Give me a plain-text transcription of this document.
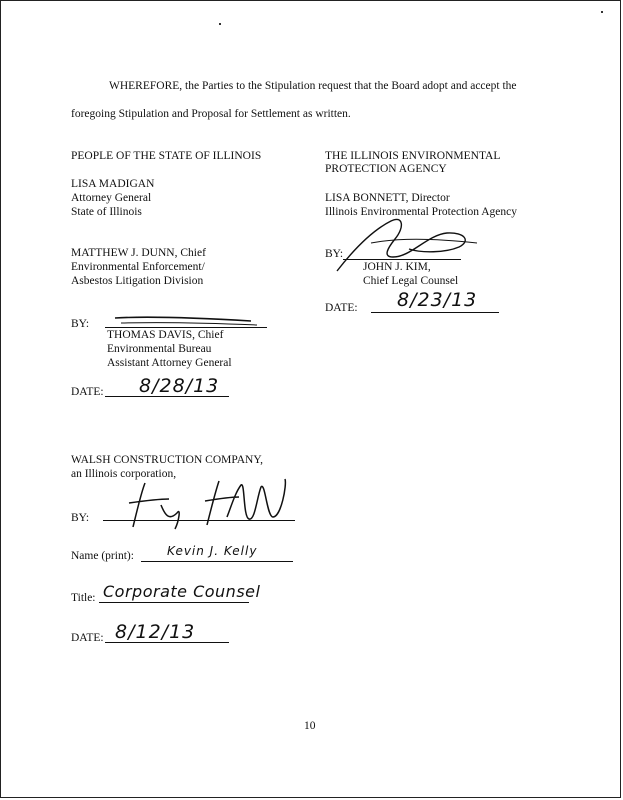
WHEREFORE, the Parties to the Stipulation request that the Board adopt and accept the
foregoing Stipulation and Proposal for Settlement as written.
PEOPLE OF THE STATE OF ILLINOIS
LISA MADIGAN
Attorney General
State of Illinois
MATTHEW J. DUNN, Chief
Environmental Enforcement/
Asbestos Litigation Division
BY:
THOMAS DAVIS, Chief
Environmental Bureau
Assistant Attorney General
DATE: 8/28/13
THE ILLINOIS ENVIRONMENTAL
PROTECTION AGENCY
LISA BONNETT, Director
Illinois Environmental Protection Agency
BY:
JOHN J. KIM,
Chief Legal Counsel
DATE: 8/23/13
WALSH CONSTRUCTION COMPANY,
an Illinois corporation,
BY:
Name (print):	Kevin J. Kelly
Title: Corporate Counsel
DATE: 8/12/13
10
